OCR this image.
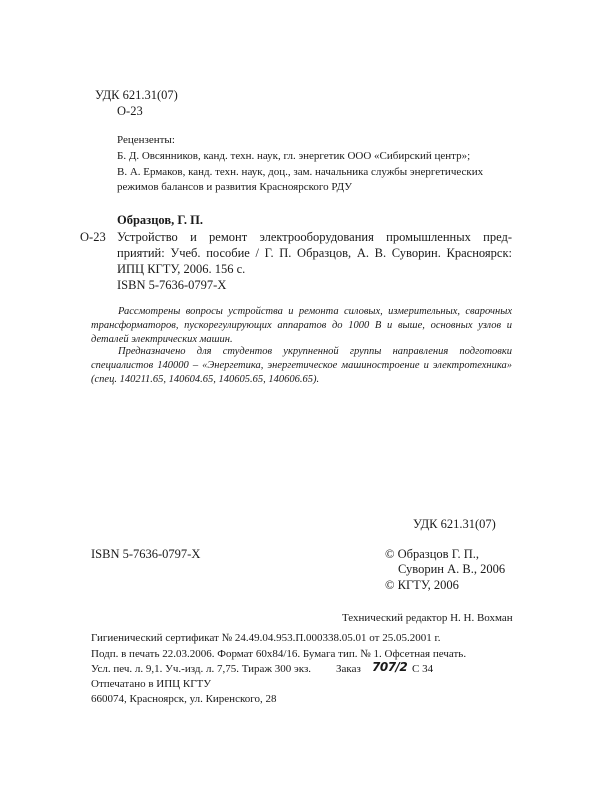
УДК 621.31(07)
О-23
Рецензенты:
Б. Д. Овсянников, канд. техн. наук, гл. энергетик ООО «Сибирский центр»;
В. А. Ермаков, канд. техн. наук, доц., зам. начальника службы энергетических
режимов балансов и развития Красноярского РДУ
Образцов, Г. П.
О-23 Устройство и ремонт электрооборудования промышленных пред-
приятий: Учеб. пособие / Г. П. Образцов, А. В. Суворин. Красноярск:
ИПЦ КГТУ, 2006. 156 с.
ISBN 5-7636-0797-X
Рассмотрены вопросы устройства и ремонта силовых, измерительных, сварочных трансформаторов, пускорегулирующих аппаратов до 1000 В и выше, основных узлов и деталей электрических машин.
Предназначено для студентов укрупненной группы направления подготовки специалистов 140000 – «Энергетика, энергетическое машиностроение и электротехника» (спец. 140211.65, 140604.65, 140605.65, 140606.65).
УДК 621.31(07)
ISBN 5-7636-0797-X	© Образцов Г. П.,
Суворин А. В., 2006
© КГТУ, 2006
Технический редактор Н. Н. Вохман
Гигиенический сертификат № 24.49.04.953.П.000338.05.01 от 25.05.2001 г.
Подп. в печать 22.03.2006. Формат 60x84/16. Бумага тип. № 1. Офсетная печать.
Усл. печ. л. 9,1. Уч.-изд. л. 7,75. Тираж 300 экз. Заказ 707/2 С 34
Отпечатано в ИПЦ КГТУ
660074, Красноярск, ул. Киренского, 28
